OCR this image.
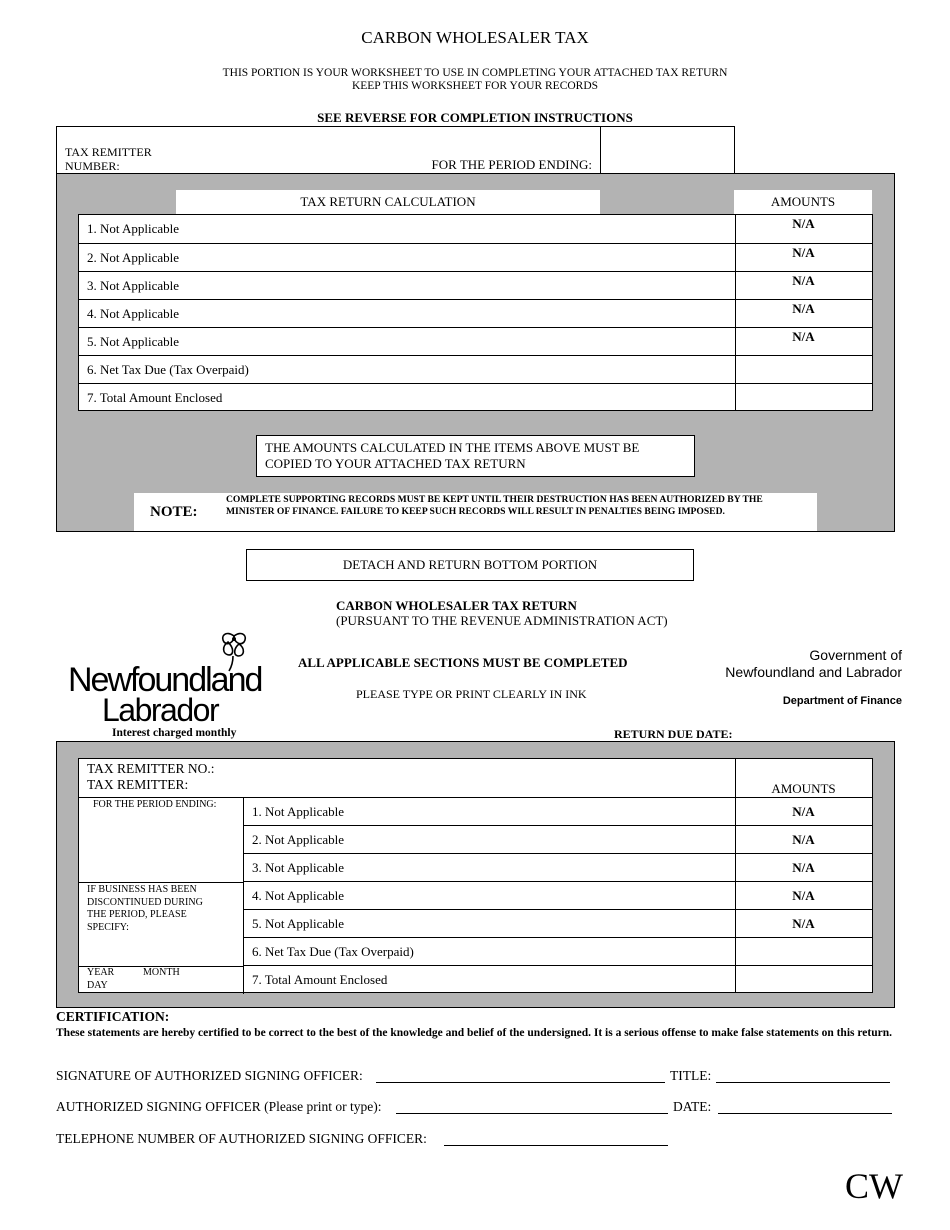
CARBON WHOLESALER TAX
THIS PORTION IS YOUR WORKSHEET TO USE IN COMPLETING YOUR ATTACHED TAX RETURN
KEEP THIS WORKSHEET FOR YOUR RECORDS
SEE REVERSE FOR COMPLETION INSTRUCTIONS
TAX REMITTER
NUMBER:	FOR THE PERIOD ENDING:
TAX RETURN CALCULATION	AMOUNTS
1. Not Applicable	N/A
2. Not Applicable	N/A
3. Not Applicable	N/A
4. Not Applicable	N/A
5. Not Applicable	N/A
6. Net Tax Due (Tax Overpaid)
7. Total Amount Enclosed
THE AMOUNTS CALCULATED IN THE ITEMS ABOVE MUST BE
COPIED TO YOUR ATTACHED TAX RETURN
NOTE:
COMPLETE SUPPORTING RECORDS MUST BE KEPT UNTIL THEIR DESTRUCTION HAS BEEN AUTHORIZED BY THE MINISTER OF FINANCE. FAILURE TO KEEP SUCH RECORDS WILL RESULT IN PENALTIES BEING IMPOSED.
DETACH AND RETURN BOTTOM PORTION
CARBON WHOLESALER TAX RETURN
(PURSUANT TO THE REVENUE ADMINISTRATION ACT)
ALL APPLICABLE SECTIONS MUST BE COMPLETED
PLEASE TYPE OR PRINT CLEARLY IN INK
Newfoundland
Labrador
Government of
Newfoundland and Labrador
Department of Finance
Interest charged monthly	RETURN DUE DATE:
TAX REMITTER NO.:
TAX REMITTER:	AMOUNTS
FOR THE PERIOD ENDING:
IF BUSINESS HAS BEEN
DISCONTINUED DURING
THE PERIOD, PLEASE
SPECIFY:
YEAR	MONTH
DAY
1. Not Applicable	N/A
2. Not Applicable	N/A
3. Not Applicable	N/A
4. Not Applicable	N/A
5. Not Applicable	N/A
6. Net Tax Due (Tax Overpaid)
7. Total Amount Enclosed
CERTIFICATION:
These statements are hereby certified to be correct to the best of the knowledge and belief of the undersigned. It is a serious offense to make false statements on this return.
SIGNATURE OF AUTHORIZED SIGNING OFFICER:	TITLE:
AUTHORIZED SIGNING OFFICER (Please print or type):	DATE:
TELEPHONE NUMBER OF AUTHORIZED SIGNING OFFICER:
CW
